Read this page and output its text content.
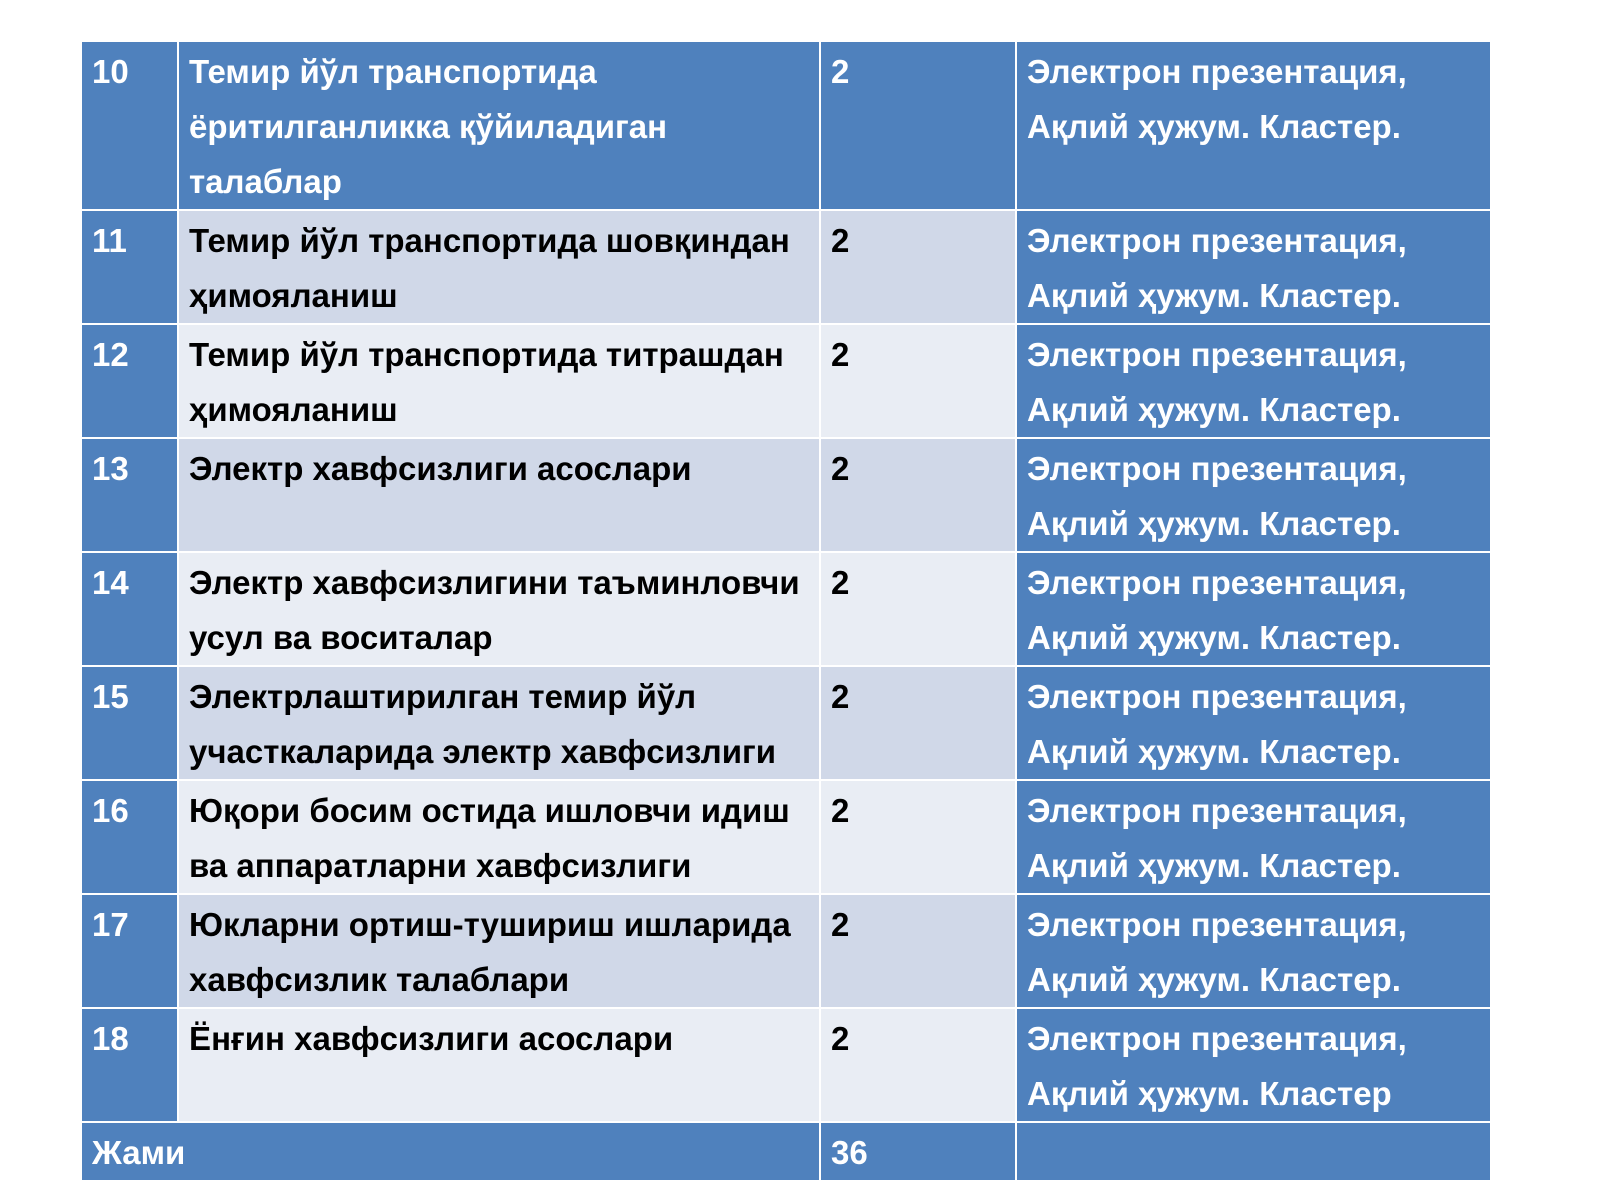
10	Темир йўл транспортида ёритилганликка қўйиладиган талаблар	2	Электрон презентация, Ақлий ҳужум. Кластер.
11	Темир йўл транспортида шовқиндан ҳимояланиш	2	Электрон презентация, Ақлий ҳужум. Кластер.
12	Темир йўл транспортида титрашдан ҳимояланиш	2	Электрон презентация, Ақлий ҳужум. Кластер.
13	Электр хавфсизлиги асослари	2	Электрон презентация, Ақлий ҳужум. Кластер.
14	Электр хавфсизлигини таъминловчи усул ва воситалар	2	Электрон презентация, Ақлий ҳужум. Кластер.
15	Электрлаштирилган темир йўл участкаларида электр хавфсизлиги	2	Электрон презентация, Ақлий ҳужум. Кластер.
16	Юқори босим остида ишловчи идиш ва аппаратларни хавфсизлиги	2	Электрон презентация, Ақлий ҳужум. Кластер.
17	Юкларни ортиш-тушириш ишларида хавфсизлик талаблари	2	Электрон презентация, Ақлий ҳужум. Кластер.
18	Ёнғин хавфсизлиги асослари	2	Электрон презентация, Ақлий ҳужум. Кластер
Жами		36	
